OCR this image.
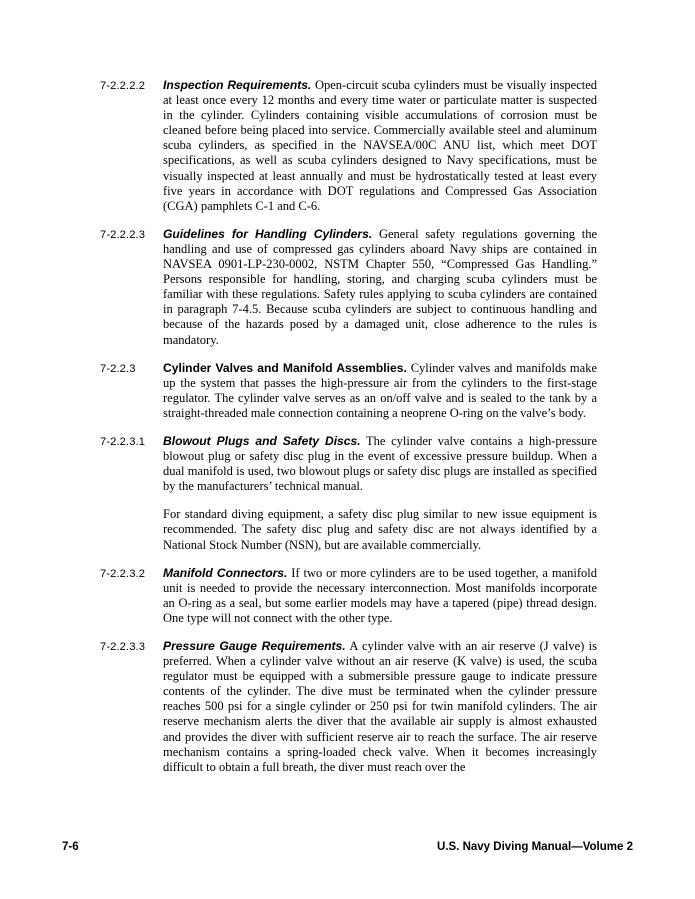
7-2.2.2.2	Inspection Requirements. Open-circuit scuba cylinders must be visually inspected at least once every 12 months and every time water or particulate matter is suspected in the cylinder. Cylinders containing visible accumulations of corrosion must be cleaned before being placed into service. Commercially available steel and aluminum scuba cylinders, as specified in the NAVSEA/00C ANU list, which meet DOT specifications, as well as scuba cylinders designed to Navy specifications, must be visually inspected at least annually and must be hydrostatically tested at least every five years in accordance with DOT regulations and Compressed Gas Association (CGA) pamphlets C-1 and C-6.
7-2.2.2.3	Guidelines for Handling Cylinders. General safety regulations governing the handling and use of compressed gas cylinders aboard Navy ships are contained in NAVSEA 0901-LP-230-0002, NSTM Chapter 550, “Compressed Gas Handling.” Persons responsible for handling, storing, and charging scuba cylinders must be familiar with these regulations. Safety rules applying to scuba cylinders are contained in paragraph 7-4.5. Because scuba cylinders are subject to continuous handling and because of the hazards posed by a damaged unit, close adherence to the rules is mandatory.
7-2.2.3	Cylinder Valves and Manifold Assemblies. Cylinder valves and manifolds make up the system that passes the high-pressure air from the cylinders to the first-stage regulator. The cylinder valve serves as an on/off valve and is sealed to the tank by a straight-threaded male connection containing a neoprene O-ring on the valve’s body.
7-2.2.3.1	Blowout Plugs and Safety Discs. The cylinder valve contains a high-pressure blowout plug or safety disc plug in the event of excessive pressure buildup. When a dual manifold is used, two blowout plugs or safety disc plugs are installed as specified by the manufacturers’ technical manual.
For standard diving equipment, a safety disc plug similar to new issue equipment is recommended. The safety disc plug and safety disc are not always identified by a National Stock Number (NSN), but are available commercially.
7-2.2.3.2	Manifold Connectors. If two or more cylinders are to be used together, a manifold unit is needed to provide the necessary interconnection. Most manifolds incorporate an O-ring as a seal, but some earlier models may have a tapered (pipe) thread design. One type will not connect with the other type.
7-2.2.3.3	Pressure Gauge Requirements. A cylinder valve with an air reserve (J valve) is preferred. When a cylinder valve without an air reserve (K valve) is used, the scuba regulator must be equipped with a submersible pressure gauge to indicate pressure contents of the cylinder. The dive must be terminated when the cylinder pressure reaches 500 psi for a single cylinder or 250 psi for twin manifold cylinders. The air reserve mechanism alerts the diver that the available air supply is almost exhausted and provides the diver with sufficient reserve air to reach the surface. The air reserve mechanism contains a spring-loaded check valve. When it becomes increasingly difficult to obtain a full breath, the diver must reach over the
7-6	U.S. Navy Diving Manual—Volume 2
